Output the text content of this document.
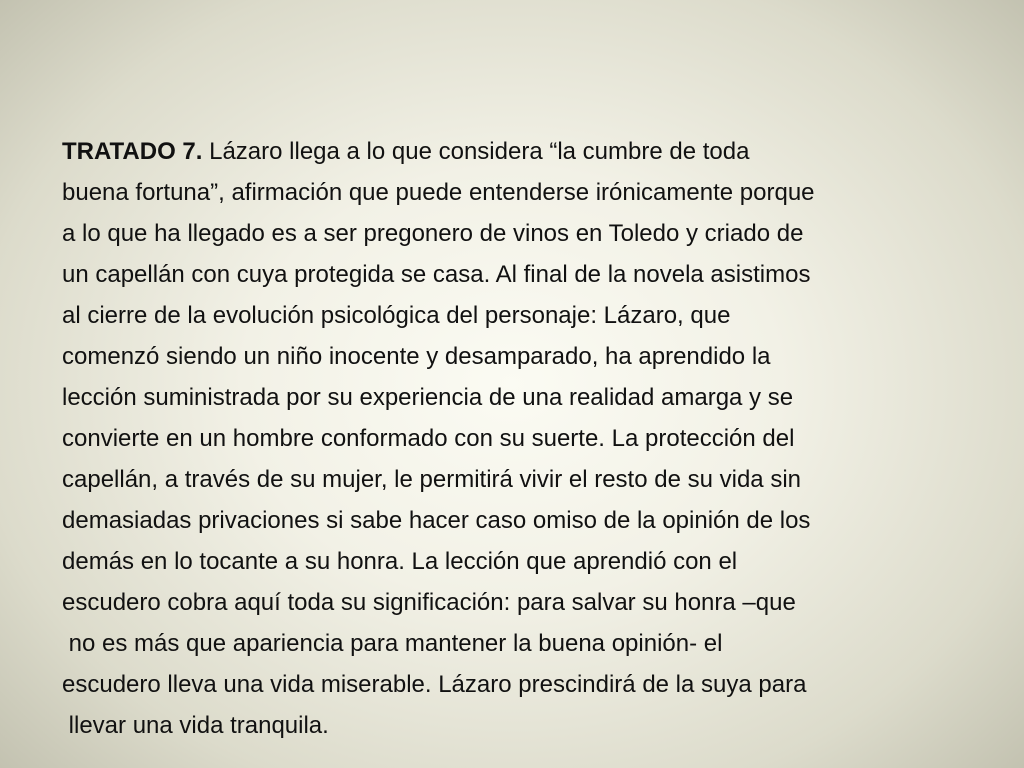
TRATADO 7. Lázaro llega a lo que considera “la cumbre de toda
buena fortuna”, afirmación que puede entenderse irónicamente porque
a lo que ha llegado es a ser pregonero de vinos en Toledo y criado de
un capellán con cuya protegida se casa. Al final de la novela asistimos
al cierre de la evolución psicológica del personaje: Lázaro, que
comenzó siendo un niño inocente y desamparado, ha aprendido la
lección suministrada por su experiencia de una realidad amarga y se
convierte en un hombre conformado con su suerte. La protección del
capellán, a través de su mujer, le permitirá vivir el resto de su vida sin
demasiadas privaciones si sabe hacer caso omiso de la opinión de los
demás en lo tocante a su honra. La lección que aprendió con el
escudero cobra aquí toda su significación: para salvar su honra –que
no es más que apariencia para mantener la buena opinión- el
escudero lleva una vida miserable. Lázaro prescindirá de la suya para
llevar una vida tranquila.
